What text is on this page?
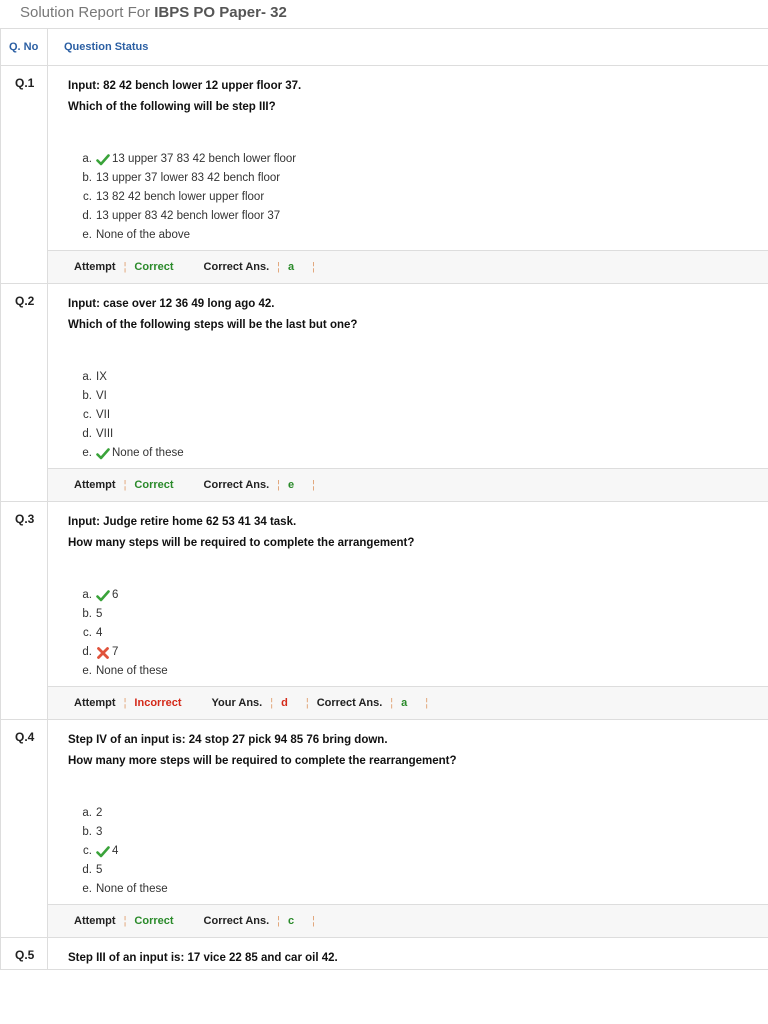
Solution Report For IBPS PO Paper- 32
Q. No	Question Status
Q.1	Input: 82 42 bench lower 12 upper floor 37.
Which of the following will be step III?
a. 13 upper 37 83 42 bench lower floor
b. 13 upper 37 lower 83 42 bench floor
c. 13 82 42 bench lower upper floor
d. 13 upper 83 42 bench lower floor 37
e. None of the above
Attempt ¦ Correct	Correct Ans. ¦ a ¦
Q.2	Input: case over 12 36 49 long ago 42.
Which of the following steps will be the last but one?
a. IX
b. VI
c. VII
d. VIII
e. None of these
Attempt ¦ Correct	Correct Ans. ¦ e ¦
Q.3	Input: Judge retire home 62 53 41 34 task.
How many steps will be required to complete the arrangement?
a. 6
b. 5
c. 4
d. 7
e. None of these
Attempt ¦ Incorrect	Your Ans. ¦ d ¦ Correct Ans. ¦ a ¦
Q.4	Step IV of an input is: 24 stop 27 pick 94 85 76 bring down.
How many more steps will be required to complete the rearrangement?
a. 2
b. 3
c. 4
d. 5
e. None of these
Attempt ¦ Correct	Correct Ans. ¦ c ¦
Q.5	Step III of an input is: 17 vice 22 85 and car oil 42.
